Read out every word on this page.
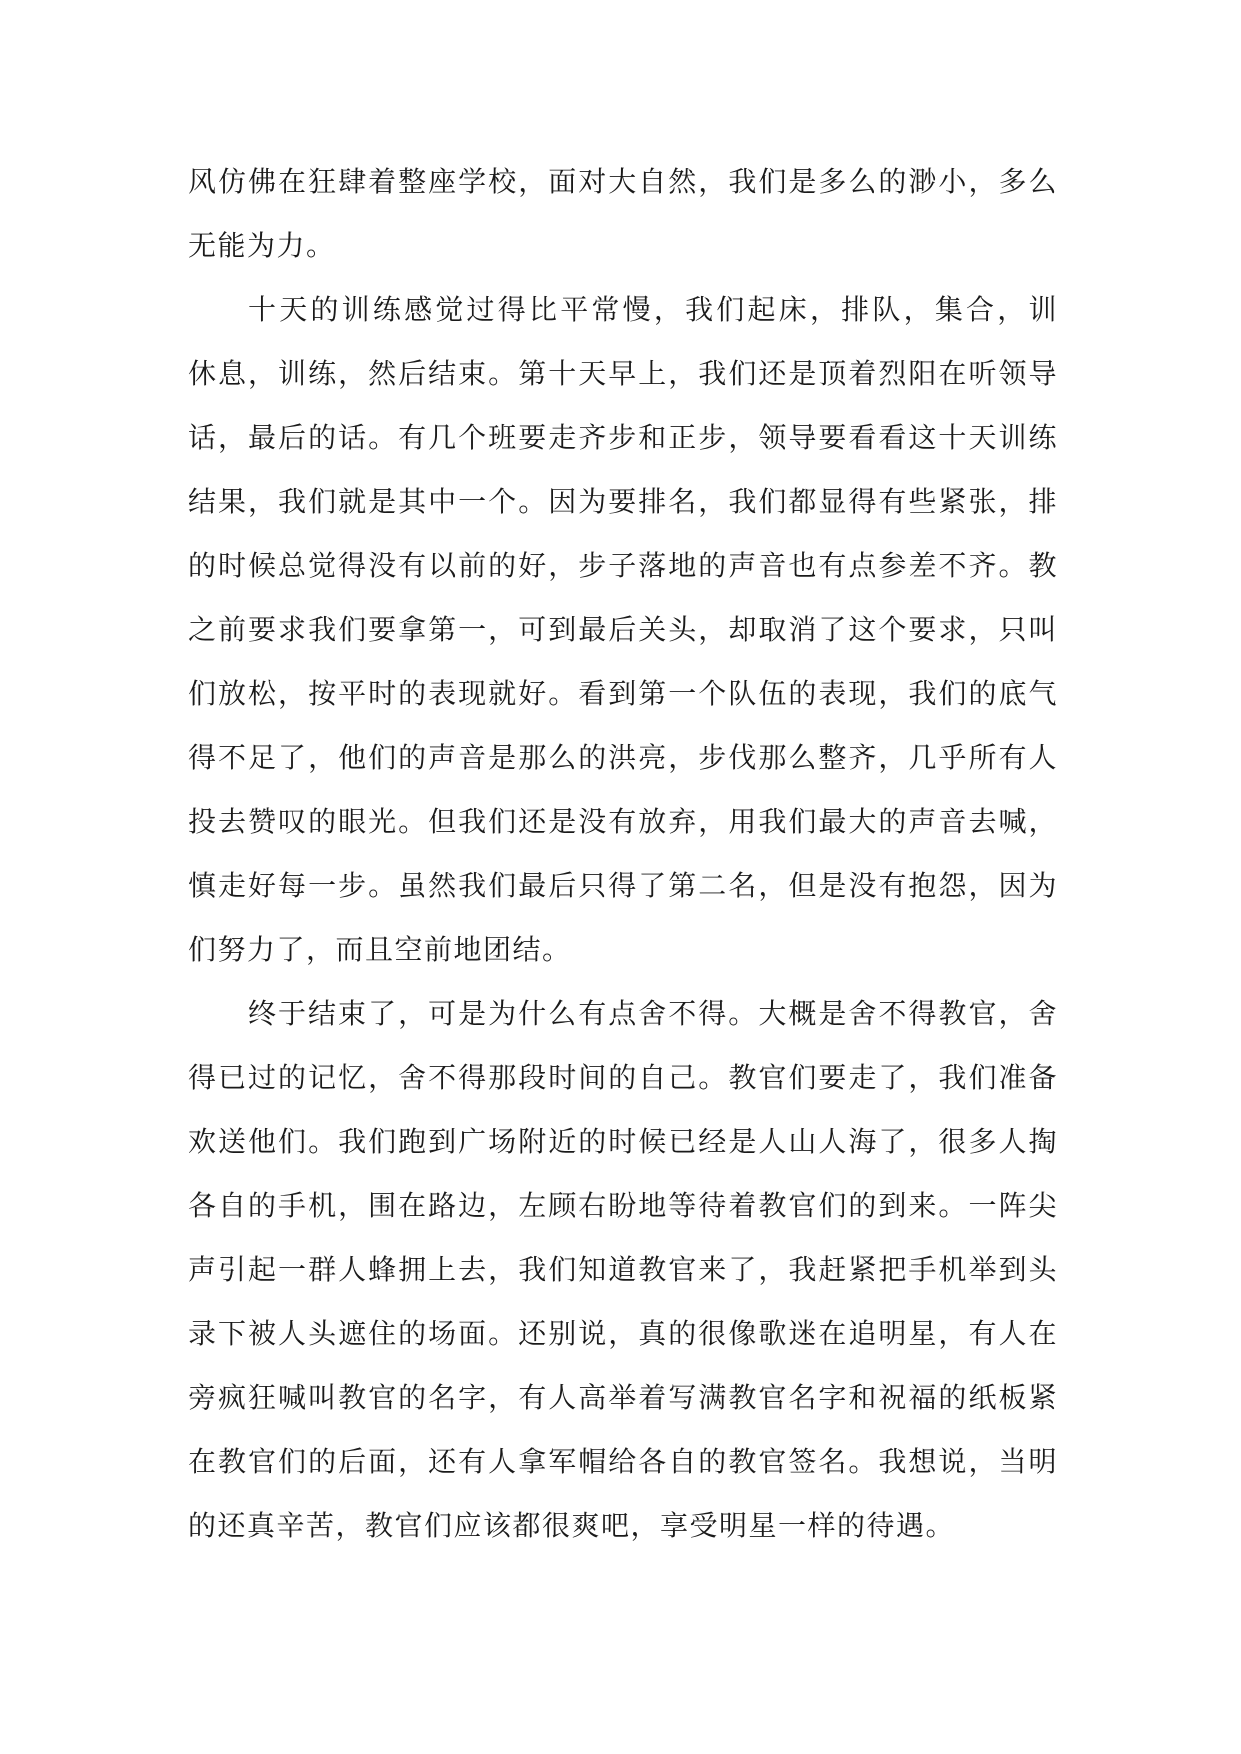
风仿佛在狂肆着整座学校，面对大自然，我们是多么的渺小，多么
无能为力。
十天的训练感觉过得比平常慢，我们起床，排队，集合，训
休息，训练，然后结束。第十天早上，我们还是顶着烈阳在听领导
话，最后的话。有几个班要走齐步和正步，领导要看看这十天训练
结果，我们就是其中一个。因为要排名，我们都显得有些紧张，排
的时候总觉得没有以前的好，步子落地的声音也有点参差不齐。教
之前要求我们要拿第一，可到最后关头，却取消了这个要求，只叫
们放松，按平时的表现就好。看到第一个队伍的表现，我们的底气
得不足了，他们的声音是那么的洪亮，步伐那么整齐，几乎所有人
投去赞叹的眼光。但我们还是没有放弃，用我们最大的声音去喊，
慎走好每一步。虽然我们最后只得了第二名，但是没有抱怨，因为
们努力了，而且空前地团结。
终于结束了，可是为什么有点舍不得。大概是舍不得教官，舍
得已过的记忆，舍不得那段时间的自己。教官们要走了，我们准备
欢送他们。我们跑到广场附近的时候已经是人山人海了，很多人掏
各自的手机，围在路边，左顾右盼地等待着教官们的到来。一阵尖
声引起一群人蜂拥上去，我们知道教官来了，我赶紧把手机举到头
录下被人头遮住的场面。还别说，真的很像歌迷在追明星，有人在
旁疯狂喊叫教官的名字，有人高举着写满教官名字和祝福的纸板紧
在教官们的后面，还有人拿军帽给各自的教官签名。我想说，当明
的还真辛苦，教官们应该都很爽吧，享受明星一样的待遇。
